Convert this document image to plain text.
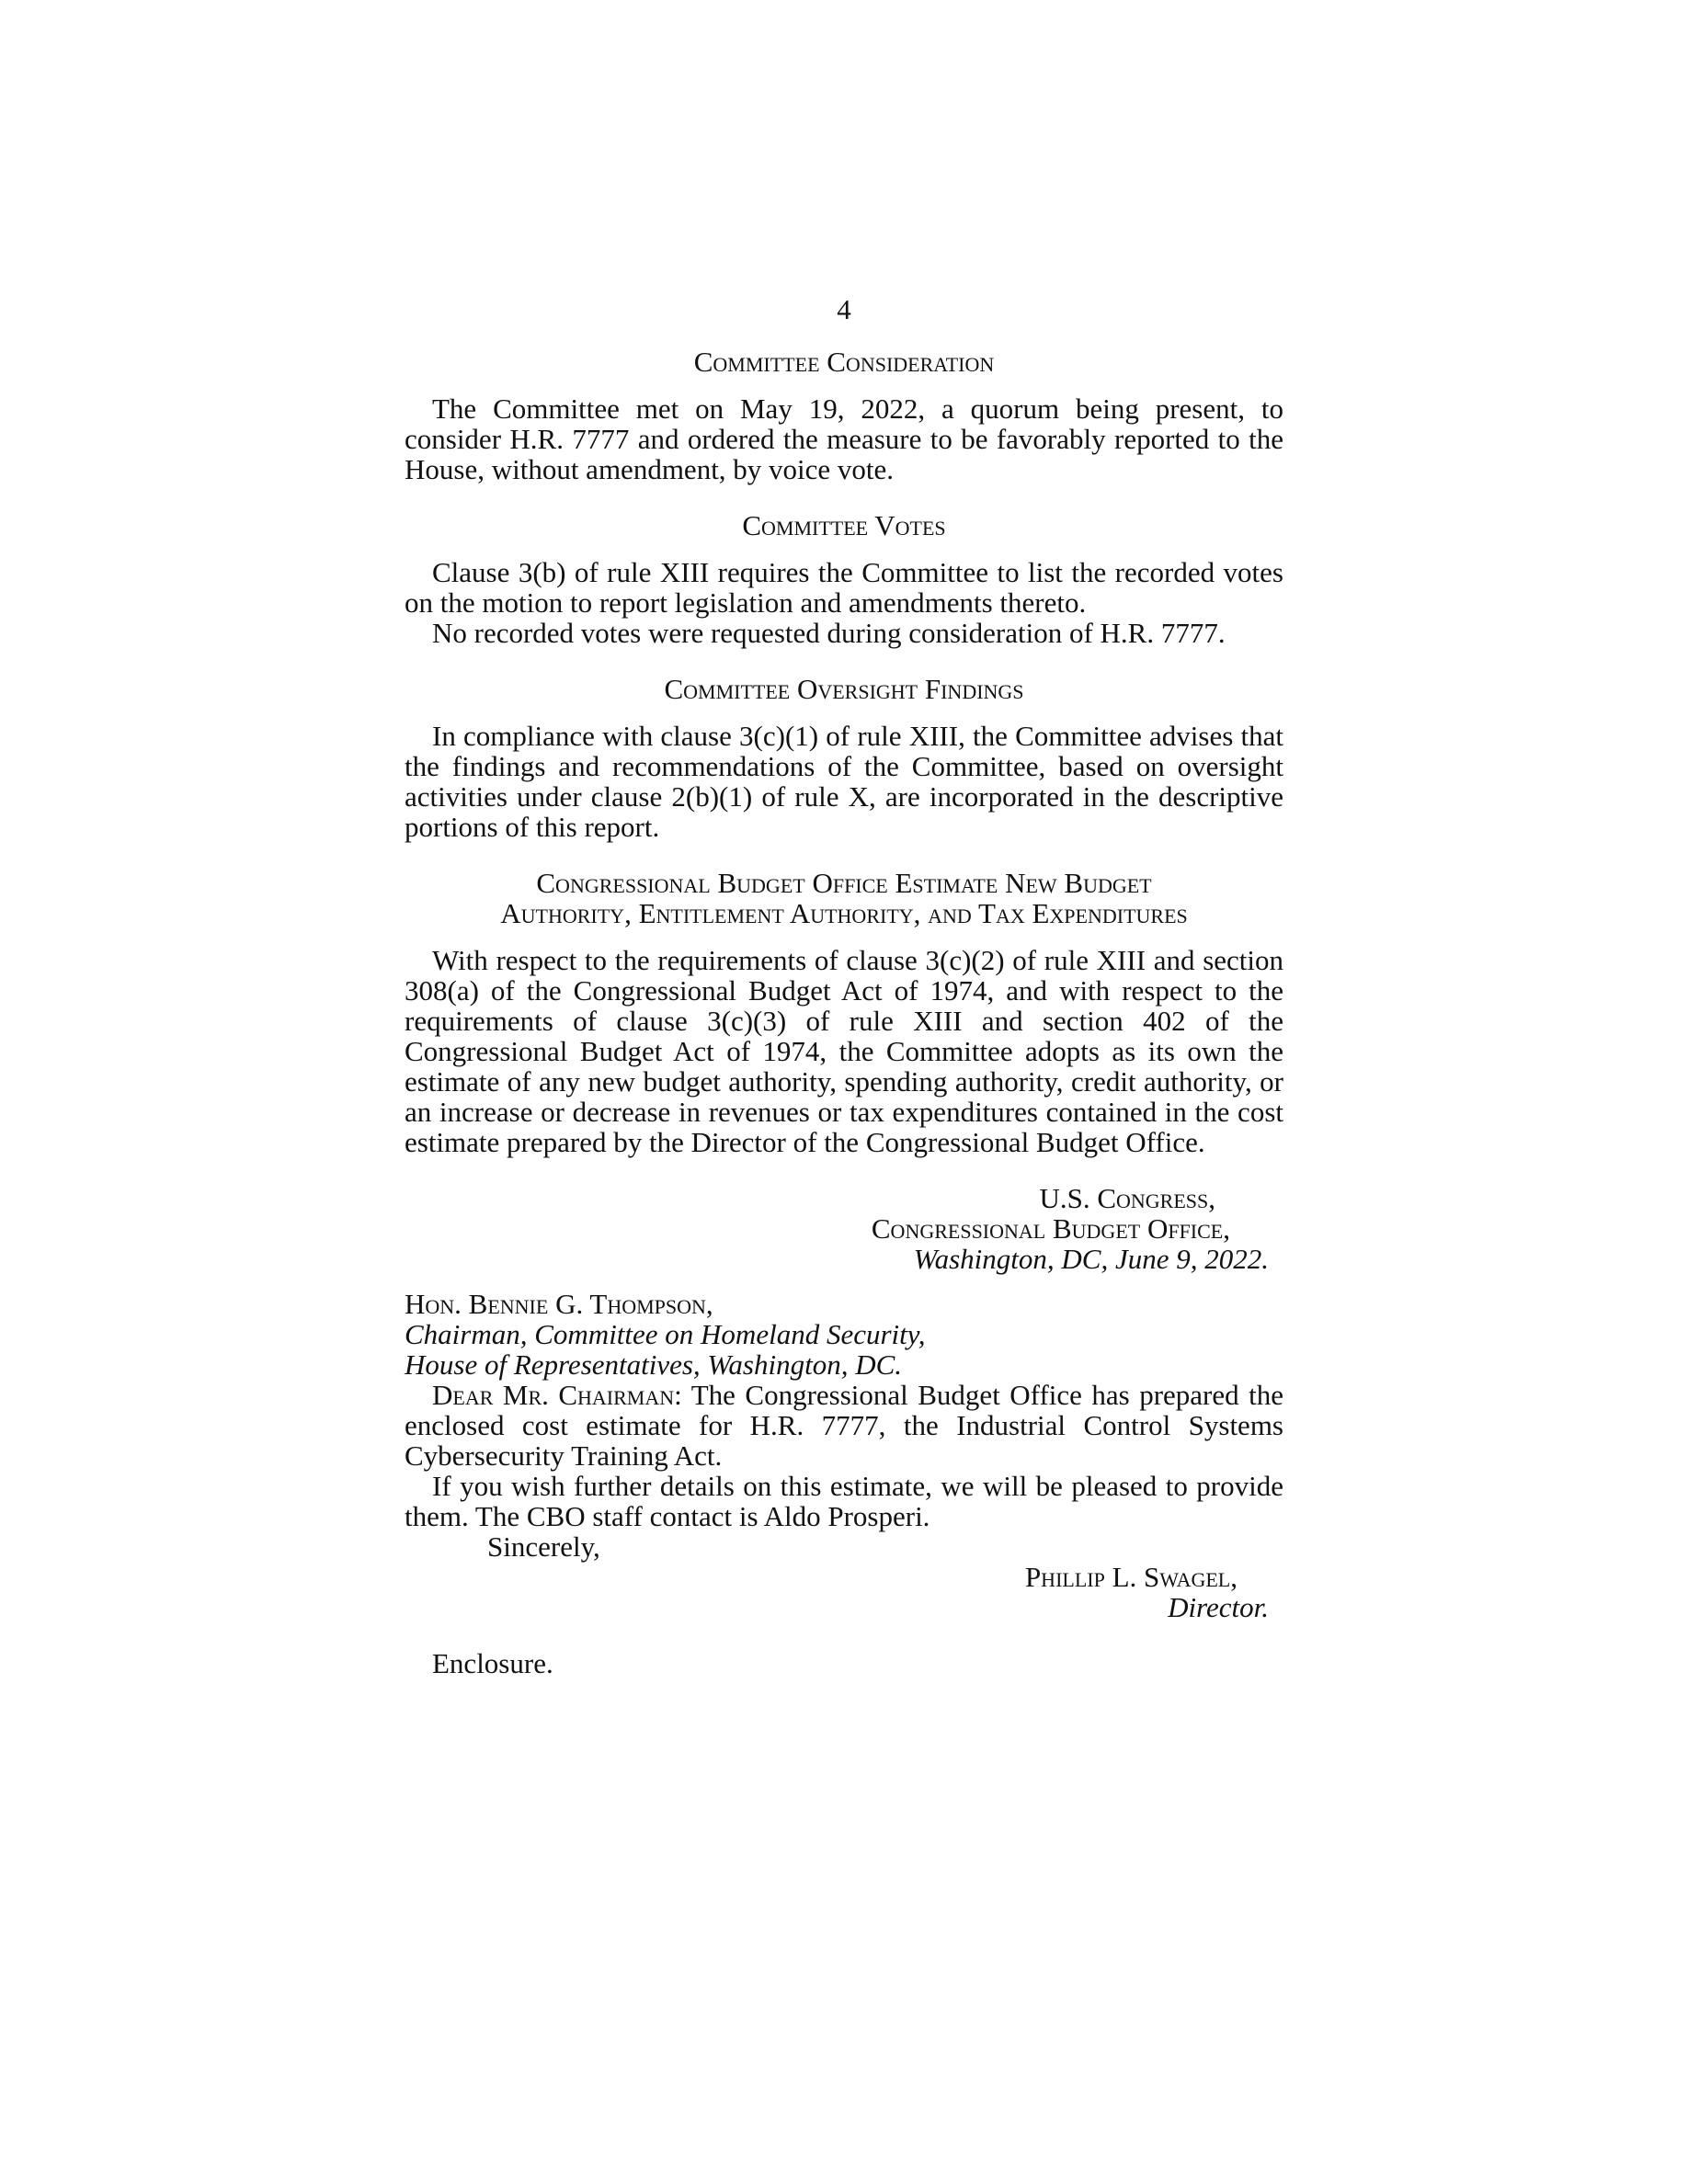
4
Committee Consideration

The Committee met on May 19, 2022, a quorum being present, to consider H.R. 7777 and ordered the measure to be favorably reported to the House, without amendment, by voice vote.

Committee Votes

Clause 3(b) of rule XIII requires the Committee to list the recorded votes on the motion to report legislation and amendments thereto.

No recorded votes were requested during consideration of H.R. 7777.

Committee Oversight Findings

In compliance with clause 3(c)(1) of rule XIII, the Committee advises that the findings and recommendations of the Committee, based on oversight activities under clause 2(b)(1) of rule X, are incorporated in the descriptive portions of this report.

Congressional Budget Office Estimate New Budget
Authority, Entitlement Authority, and Tax Expenditures

With respect to the requirements of clause 3(c)(2) of rule XIII and section 308(a) of the Congressional Budget Act of 1974, and with respect to the requirements of clause 3(c)(3) of rule XIII and section 402 of the Congressional Budget Act of 1974, the Committee adopts as its own the estimate of any new budget authority, spending authority, credit authority, or an increase or decrease in revenues or tax expenditures contained in the cost estimate prepared by the Director of the Congressional Budget Office.

U.S. Congress,
Congressional Budget Office,
Washington, DC, June 9, 2022.
Hon. Bennie G. Thompson,
Chairman, Committee on Homeland Security,
House of Representatives, Washington, DC.

Dear Mr. Chairman: The Congressional Budget Office has prepared the enclosed cost estimate for H.R. 7777, the Industrial Control Systems Cybersecurity Training Act.

If you wish further details on this estimate, we will be pleased to provide them. The CBO staff contact is Aldo Prosperi.

Sincerely,
Phillip L. Swagel,
Director.
Enclosure.
